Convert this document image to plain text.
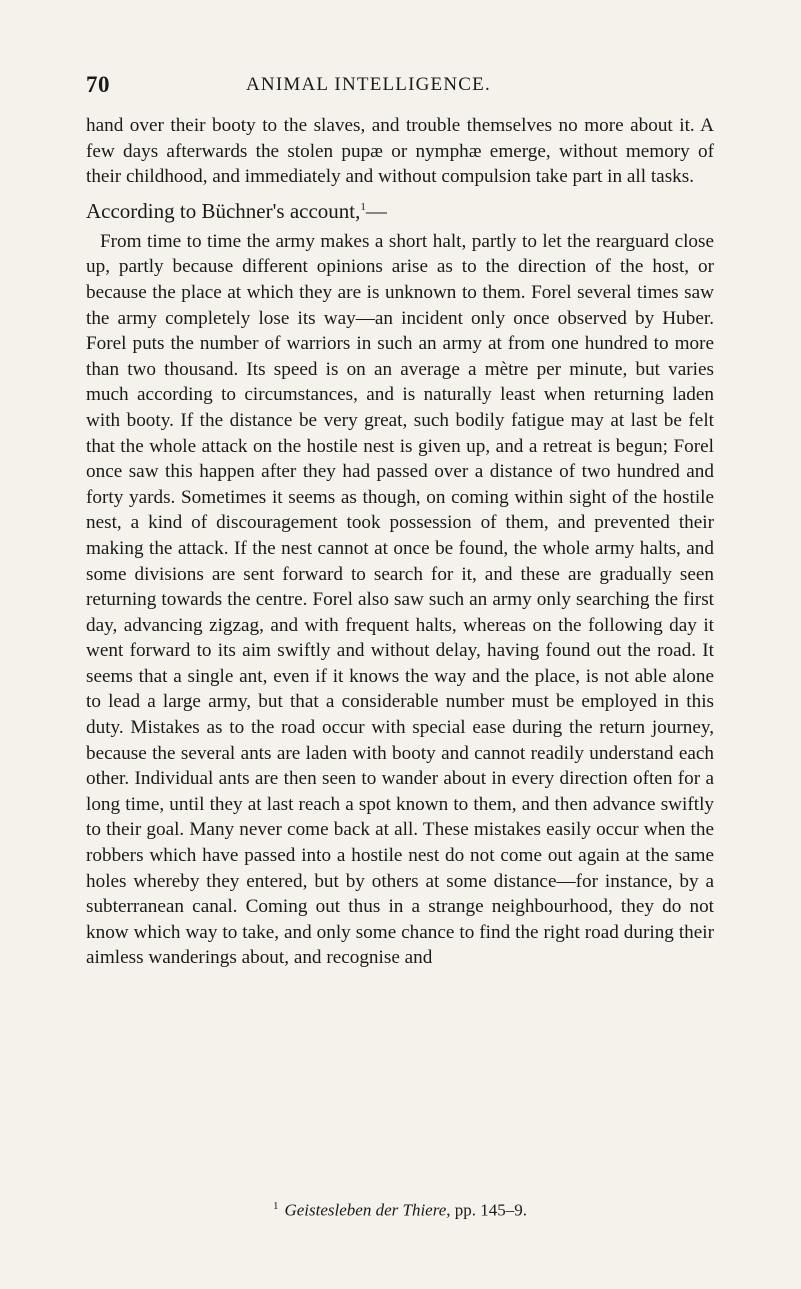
70	ANIMAL INTELLIGENCE.

hand over their booty to the slaves, and trouble themselves no more about it. A few days afterwards the stolen pupæ or nymphæ emerge, without memory of their childhood, and immediately and without compulsion take part in all tasks.

According to Büchner's account,$^1$—

From time to time the army makes a short halt, partly to let the rearguard close up, partly because different opinions arise as to the direction of the host, or because the place at which they are is unknown to them. Forel several times saw the army completely lose its way—an incident only once observed by Huber. Forel puts the number of warriors in such an army at from one hundred to more than two thousand. Its speed is on an average a mètre per minute, but varies much according to circumstances, and is naturally least when returning laden with booty. If the distance be very great, such bodily fatigue may at last be felt that the whole attack on the hostile nest is given up, and a retreat is begun; Forel once saw this happen after they had passed over a distance of two hundred and forty yards. Sometimes it seems as though, on coming within sight of the hostile nest, a kind of discouragement took possession of them, and prevented their making the attack. If the nest cannot at once be found, the whole army halts, and some divisions are sent forward to search for it, and these are gradually seen returning towards the centre. Forel also saw such an army only searching the first day, advancing zigzag, and with frequent halts, whereas on the following day it went forward to its aim swiftly and without delay, having found out the road. It seems that a single ant, even if it knows the way and the place, is not able alone to lead a large army, but that a considerable number must be employed in this duty. Mistakes as to the road occur with special ease during the return journey, because the several ants are laden with booty and cannot readily understand each other. Individual ants are then seen to wander about in every direction often for a long time, until they at last reach a spot known to them, and then advance swiftly to their goal. Many never come back at all. These mistakes easily occur when the robbers which have passed into a hostile nest do not come out again at the same holes whereby they entered, but by others at some distance—for instance, by a subterranean canal. Coming out thus in a strange neighbourhood, they do not know which way to take, and only some chance to find the right road during their aimless wanderings about, and recognise and

$^1$ Geistesleben der Thiere, pp. 145–9.
